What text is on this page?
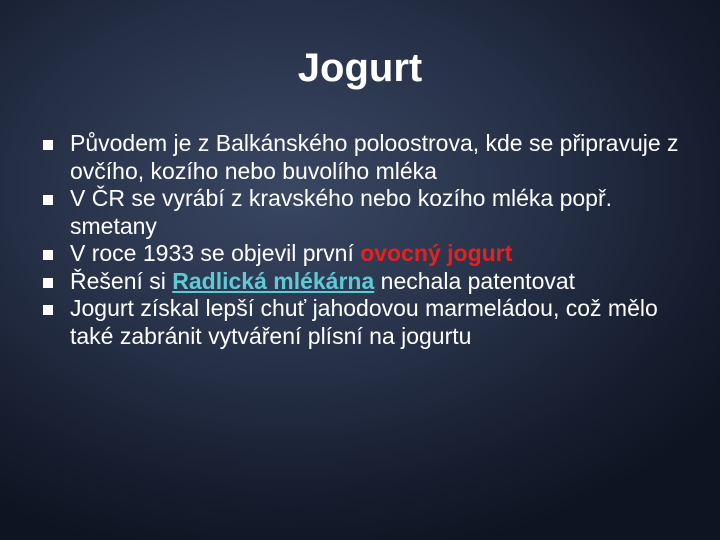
Jogurt
Původem je z Balkánského poloostrova, kde se připravuje z ovčího, kozího nebo buvolího mléka
V ČR se vyrábí z kravského nebo kozího mléka popř. smetany
V roce 1933 se objevil první ovocný jogurt
Řešení si Radlická mlékárna nechala patentovat
Jogurt získal lepší chuť jahodovou marmeládou, což mělo také zabránit vytváření plísní na jogurtu
